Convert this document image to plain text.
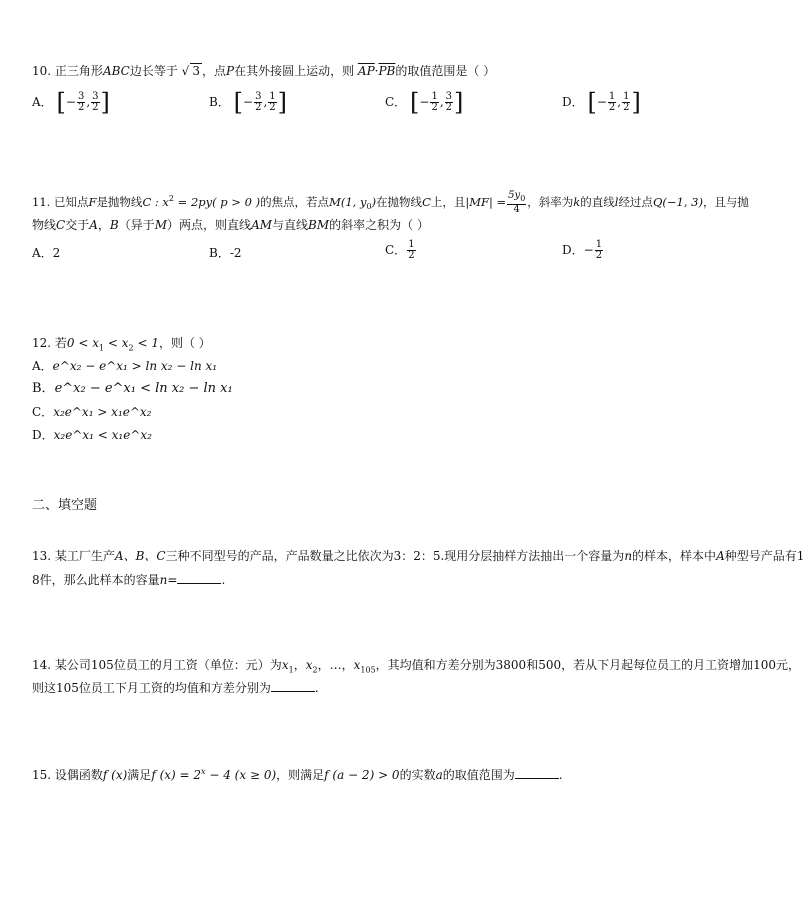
10. 正三角形ABC边长等于 √ 3 ，点P在其外接圆上运动，则 $\overline{AP}\cdot\overline{PB}$的取值范围是（ ）
A． [− $\frac{3}{2}$ , $\frac{3}{2}$ ]	B． [− $\frac{3}{2}$ , $\frac{1}{2}$ ]	C． [− $\frac{1}{2}$ , $\frac{3}{2}$ ]	D． [− $\frac{1}{2}$ , $\frac{1}{2}$ ]
11. 已知点F是抛物线C : $x^2 = 2py$( p > 0 )的焦点，若点M(1, $y_0$)在抛物线C上，且$|MF| = \frac{5y_0}{4}$ ，斜率为k的直线l经过点Q(−1, 3)，且与抛
物线C交于A，B（异于M）两点，则直线AM与直线BM的斜率之积为（ ）
A．2	B．-2	C． $\frac{1}{2}$	D．− $\frac{1}{2}$
12. 若$0 < x_1 < x_2 < 1$，则（ ）
A．e^x₂ − e^x₁ > ln x₂ − ln x₁
B．e^x₂ − e^x₁ < ln x₂ − ln x₁
C．x₂e^x₁ > x₁e^x₂
D．x₂e^x₁ < x₁e^x₂
二、填空题
13. 某工厂生产A、B、C三种不同型号的产品，产品数量之比依次为3：2：5.现用分层抽样方法抽出一个容量为n的样本，样本中A种型号产品有1
8件，那么此样本的容量n=	.
14. 某公司105位员工的月工资（单位：元）为$x_1$，$x_2$，…，$x_{105}$，其均值和方差分别为3800和500，若从下月起每位员工的月工资增加100元，
则这105位员工下月工资的均值和方差分别为	.
15. 设偶函数f (x)满足f $(x) = 2^x - 4$ (x ≥ 0)，则满足f (a − 2) > 0的实数a的取值范围为	.
